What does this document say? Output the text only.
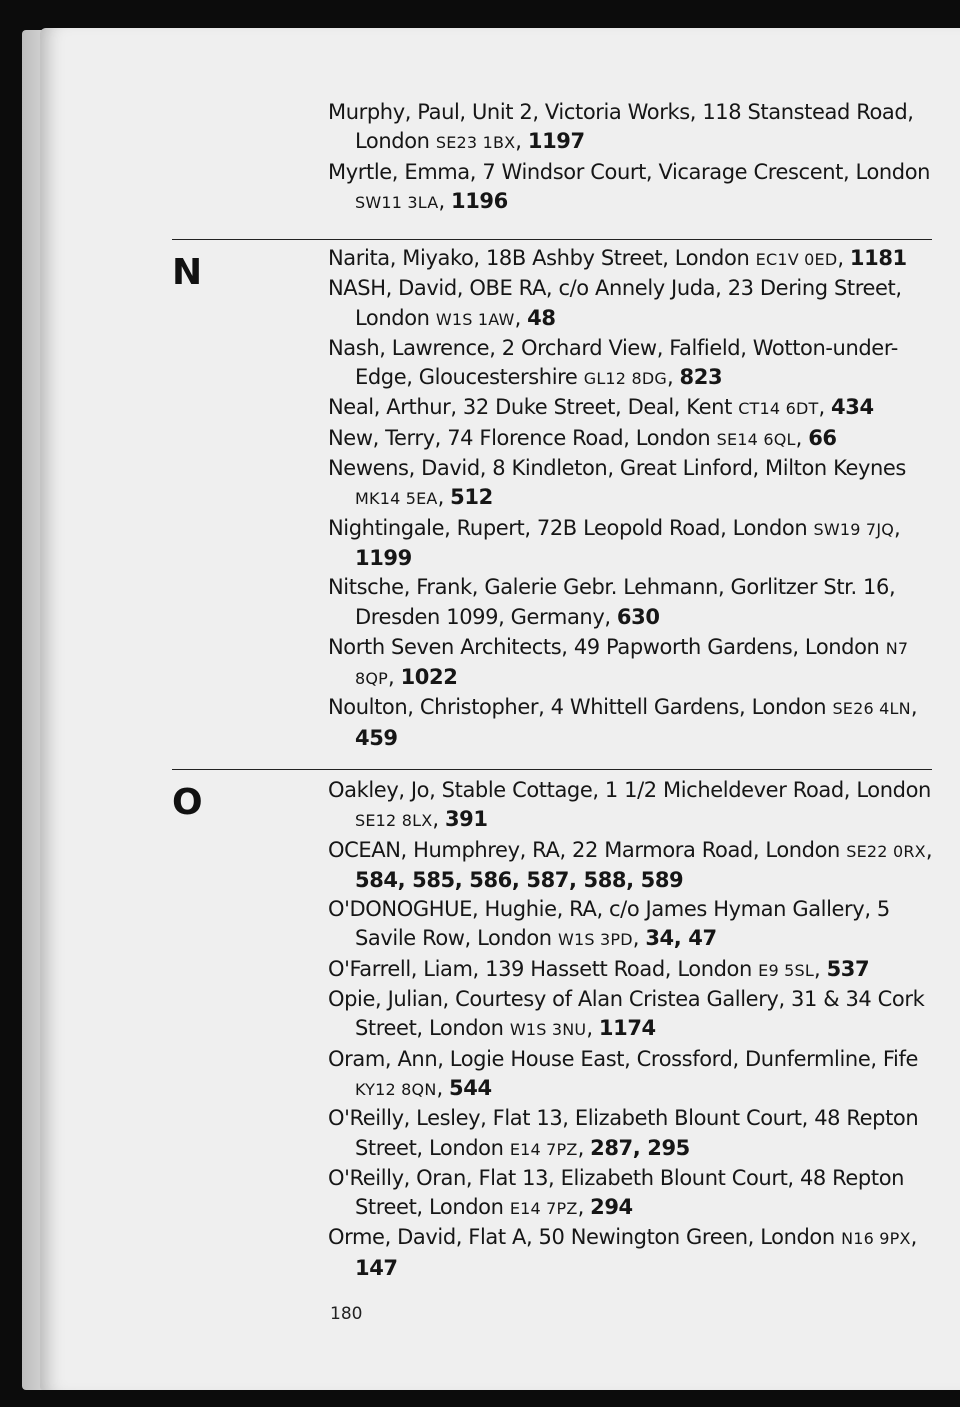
Murphy, Paul, Unit 2, Victoria Works, 118 Stanstead Road, London SE23 1BX, 1197
Myrtle, Emma, 7 Windsor Court, Vicarage Crescent, London SW11 3LA, 1196
N	Narita, Miyako, 18B Ashby Street, London EC1V 0ED, 1181
NASH, David, OBE RA, c/o Annely Juda, 23 Dering Street, London W1S 1AW, 48
Nash, Lawrence, 2 Orchard View, Falfield, Wotton-under-Edge, Gloucestershire GL12 8DG, 823
Neal, Arthur, 32 Duke Street, Deal, Kent CT14 6DT, 434
New, Terry, 74 Florence Road, London SE14 6QL, 66
Newens, David, 8 Kindleton, Great Linford, Milton Keynes MK14 5EA, 512
Nightingale, Rupert, 72B Leopold Road, London SW19 7JQ, 1199
Nitsche, Frank, Galerie Gebr. Lehmann, Gorlitzer Str. 16, Dresden 1099, Germany, 630
North Seven Architects, 49 Papworth Gardens, London N7 8QP, 1022
Noulton, Christopher, 4 Whittell Gardens, London SE26 4LN, 459
O	Oakley, Jo, Stable Cottage, 1 1/2 Micheldever Road, London SE12 8LX, 391
OCEAN, Humphrey, RA, 22 Marmora Road, London SE22 0RX, 584, 585, 586, 587, 588, 589
O'DONOGHUE, Hughie, RA, c/o James Hyman Gallery, 5 Savile Row, London W1S 3PD, 34, 47
O'Farrell, Liam, 139 Hassett Road, London E9 5SL, 537
Opie, Julian, Courtesy of Alan Cristea Gallery, 31 & 34 Cork Street, London W1S 3NU, 1174
Oram, Ann, Logie House East, Crossford, Dunfermline, Fife KY12 8QN, 544
O'Reilly, Lesley, Flat 13, Elizabeth Blount Court, 48 Repton Street, London E14 7PZ, 287, 295
O'Reilly, Oran, Flat 13, Elizabeth Blount Court, 48 Repton Street, London E14 7PZ, 294
Orme, David, Flat A, 50 Newington Green, London N16 9PX, 147
180
